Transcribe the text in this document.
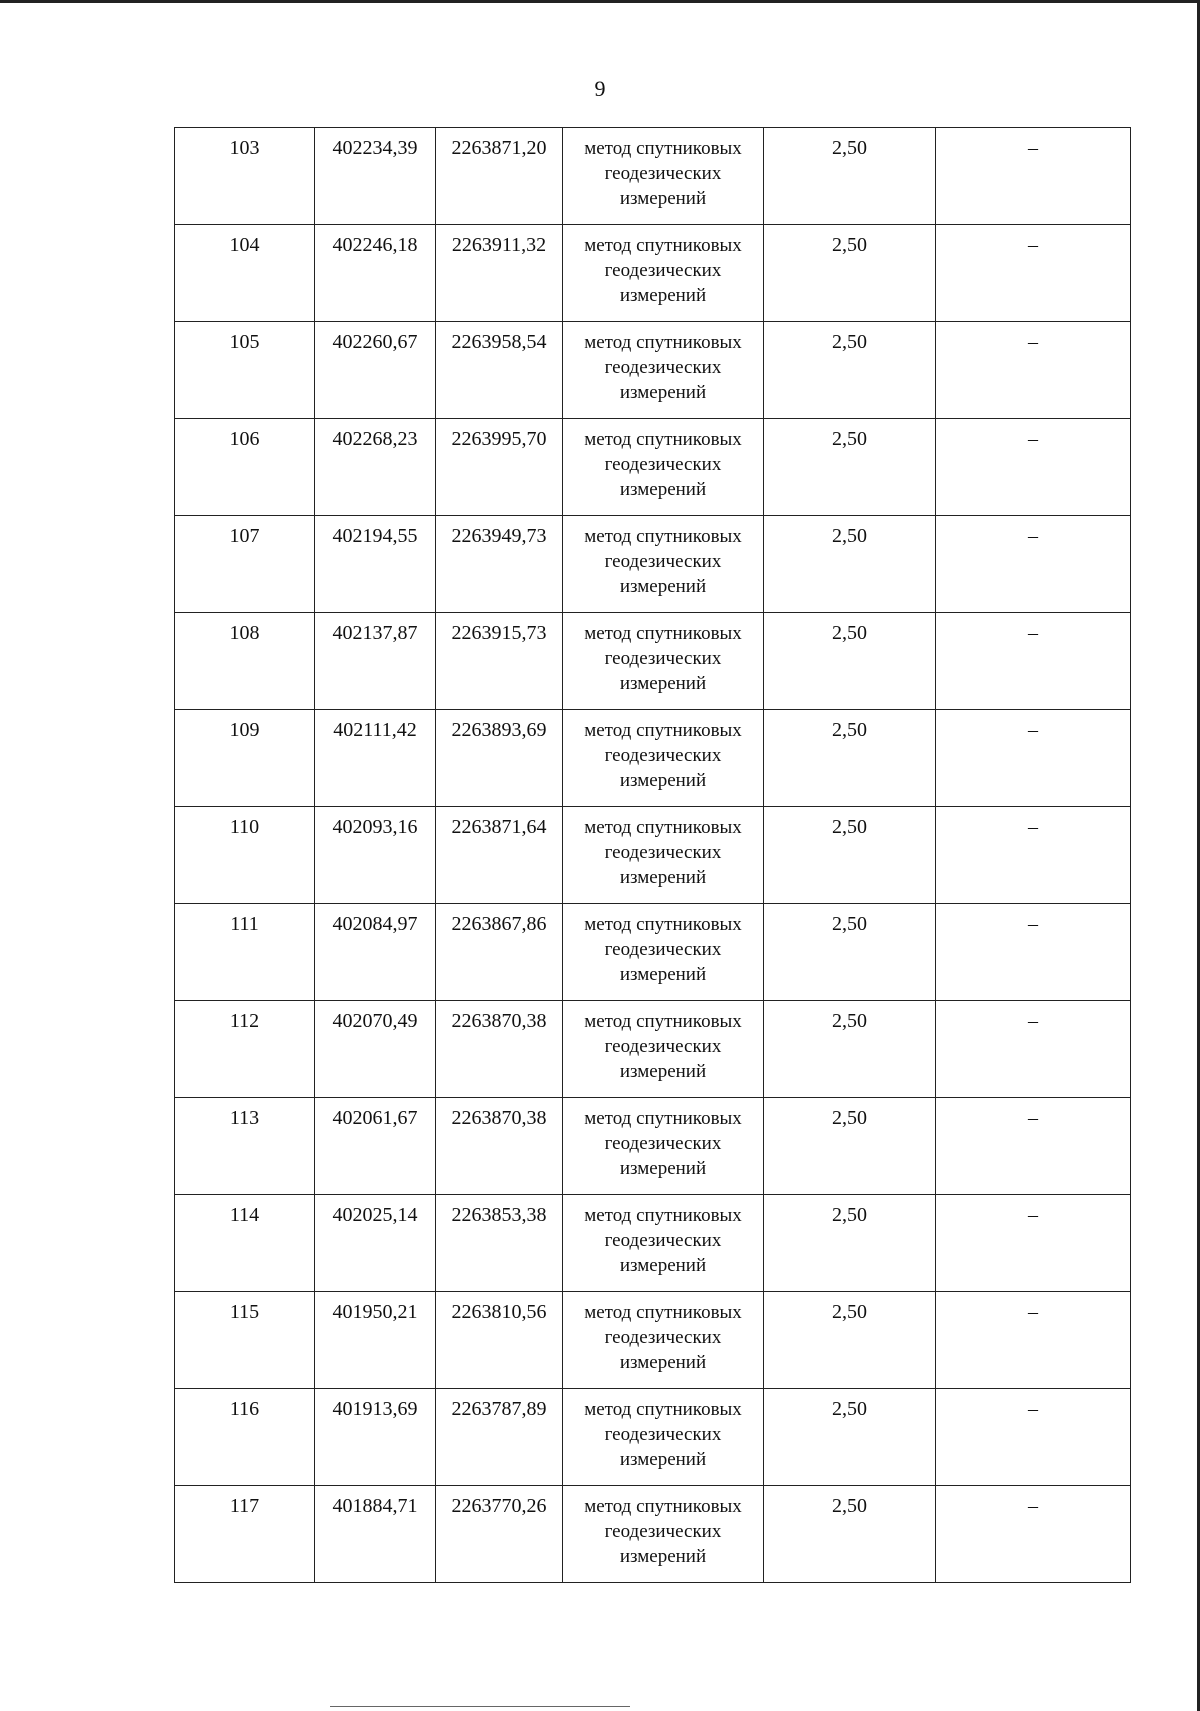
9
103	402234,39	2263871,20	метод спутниковых геодезических измерений	2,50	–
104	402246,18	2263911,32	метод спутниковых геодезических измерений	2,50	–
105	402260,67	2263958,54	метод спутниковых геодезических измерений	2,50	–
106	402268,23	2263995,70	метод спутниковых геодезических измерений	2,50	–
107	402194,55	2263949,73	метод спутниковых геодезических измерений	2,50	–
108	402137,87	2263915,73	метод спутниковых геодезических измерений	2,50	–
109	402111,42	2263893,69	метод спутниковых геодезических измерений	2,50	–
110	402093,16	2263871,64	метод спутниковых геодезических измерений	2,50	–
111	402084,97	2263867,86	метод спутниковых геодезических измерений	2,50	–
112	402070,49	2263870,38	метод спутниковых геодезических измерений	2,50	–
113	402061,67	2263870,38	метод спутниковых геодезических измерений	2,50	–
114	402025,14	2263853,38	метод спутниковых геодезических измерений	2,50	–
115	401950,21	2263810,56	метод спутниковых геодезических измерений	2,50	–
116	401913,69	2263787,89	метод спутниковых геодезических измерений	2,50	–
117	401884,71	2263770,26	метод спутниковых геодезических измерений	2,50	–
